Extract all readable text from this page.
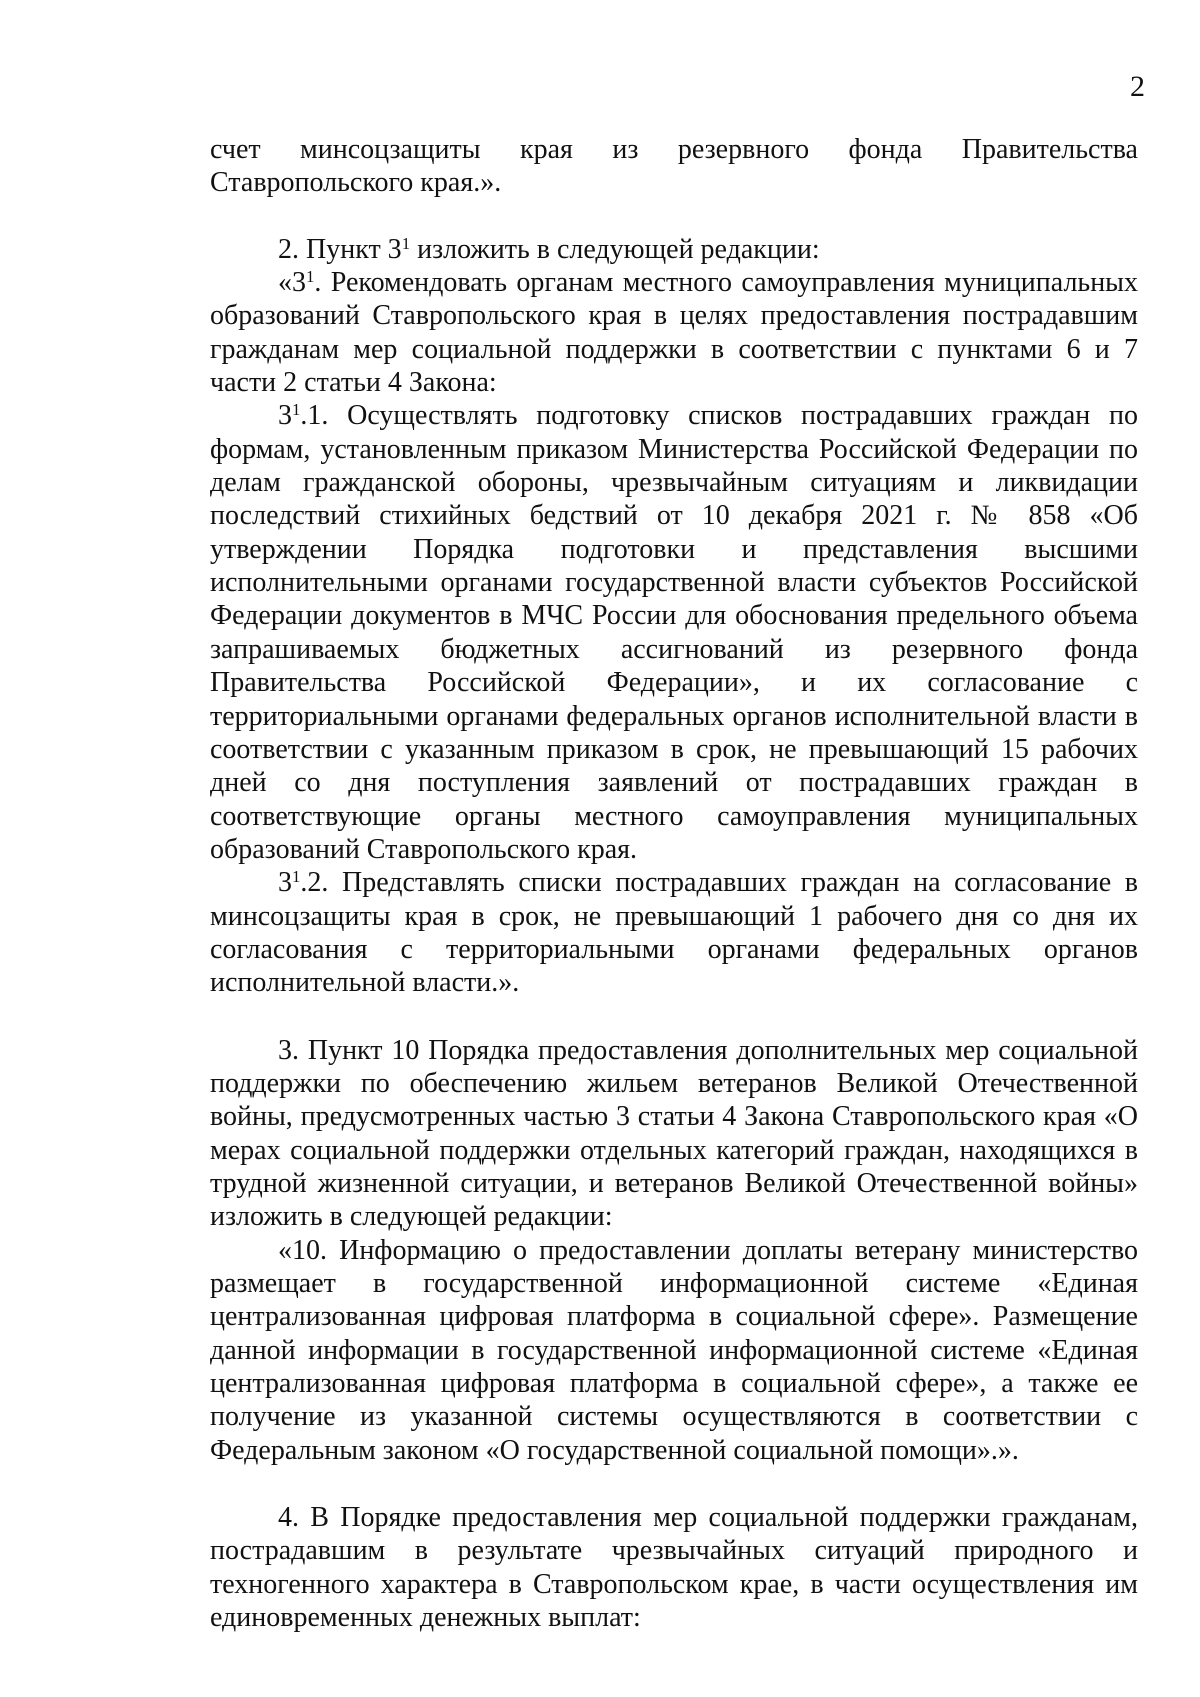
2

счет минсоцзащиты края из резервного фонда Правительства Ставропольского края.».

2. Пункт $3^1$ изложить в следующей редакции:

«$3^1$. Рекомендовать органам местного самоуправления муниципальных образований Ставропольского края в целях предоставления пострадавшим гражданам мер социальной поддержки в соответствии с пунктами 6 и 7 части 2 статьи 4 Закона:

$3^1.1$. Осуществлять подготовку списков пострадавших граждан по формам, установленным приказом Министерства Российской Федерации по делам гражданской обороны, чрезвычайным ситуациям и ликвидации последствий стихийных бедствий от 10 декабря 2021 г. № 858 «Об утверждении Порядка подготовки и представления высшими исполнительными органами государственной власти субъектов Российской Федерации документов в МЧС России для обоснования предельного объема запрашиваемых бюджетных ассигнований из резервного фонда Правительства Российской Федерации», и их согласование с территориальными органами федеральных органов исполнительной власти в соответствии с указанным приказом в срок, не превышающий 15 рабочих дней со дня поступления заявлений от пострадавших граждан в соответствующие органы местного самоуправления муниципальных образований Ставропольского края.

$3^1.2$. Представлять списки пострадавших граждан на согласование в минсоцзащиты края в срок, не превышающий 1 рабочего дня со дня их согласования с территориальными органами федеральных органов исполнительной власти.».

3. Пункт 10 Порядка предоставления дополнительных мер социальной поддержки по обеспечению жильем ветеранов Великой Отечественной войны, предусмотренных частью 3 статьи 4 Закона Ставропольского края «О мерах социальной поддержки отдельных категорий граждан, находящихся в трудной жизненной ситуации, и ветеранов Великой Отечественной войны» изложить в следующей редакции:

«10. Информацию о предоставлении доплаты ветерану министерство размещает в государственной информационной системе «Единая централизованная цифровая платформа в социальной сфере». Размещение данной информации в государственной информационной системе «Единая централизованная цифровая платформа в социальной сфере», а также ее получение из указанной системы осуществляются в соответствии с Федеральным законом «О государственной социальной помощи».».

4. В Порядке предоставления мер социальной поддержки гражданам, пострадавшим в результате чрезвычайных ситуаций природного и техногенного характера в Ставропольском крае, в части осуществления им единовременных денежных выплат:
